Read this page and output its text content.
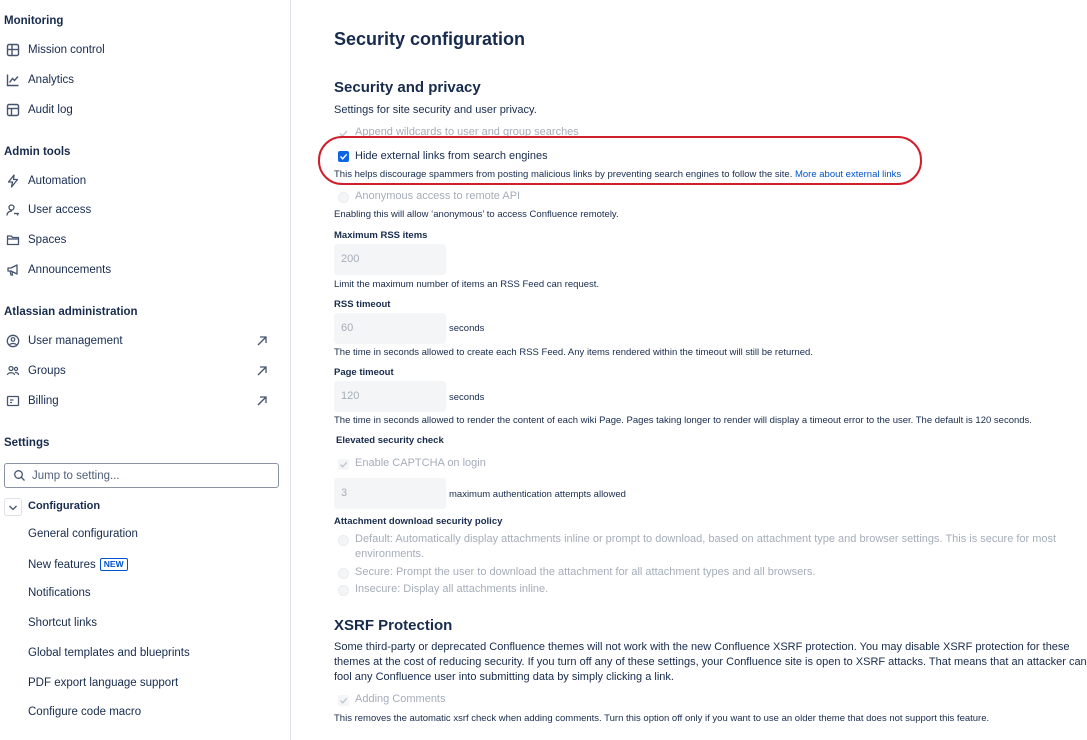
Monitoring
Mission control
Analytics
Audit log
Admin tools
Automation
User access
Spaces
Announcements
Atlassian administration
User management
Groups
Billing
Settings
Jump to setting...
Configuration
General configuration
New features NEW
Notifications
Shortcut links
Global templates and blueprints
PDF export language support
Configure code macro
Security configuration
Security and privacy
Settings for site security and user privacy.
Append wildcards to user and group searches
Hide external links from search engines
This helps discourage spammers from posting malicious links by preventing search engines to follow the site. More about external links
Anonymous access to remote API
Enabling this will allow ‘anonymous’ to access Confluence remotely.
Maximum RSS items
200
Limit the maximum number of items an RSS Feed can request.
RSS timeout
60	seconds
The time in seconds allowed to create each RSS Feed. Any items rendered within the timeout will still be returned.
Page timeout
120	seconds
The time in seconds allowed to render the content of each wiki Page. Pages taking longer to render will display a timeout error to the user. The default is 120 seconds.
Elevated security check
Enable CAPTCHA on login
3	maximum authentication attempts allowed
Attachment download security policy
Default: Automatically display attachments inline or prompt to download, based on attachment type and browser settings. This is secure for most
environments.
Secure: Prompt the user to download the attachment for all attachment types and all browsers.
Insecure: Display all attachments inline.
XSRF Protection
Some third-party or deprecated Confluence themes will not work with the new Confluence XSRF protection. You may disable XSRF protection for these
themes at the cost of reducing security. If you turn off any of these settings, your Confluence site is open to XSRF attacks. That means that an attacker can
fool any Confluence user into submitting data by simply clicking a link.
Adding Comments
This removes the automatic xsrf check when adding comments. Turn this option off only if you want to use an older theme that does not support this feature.
